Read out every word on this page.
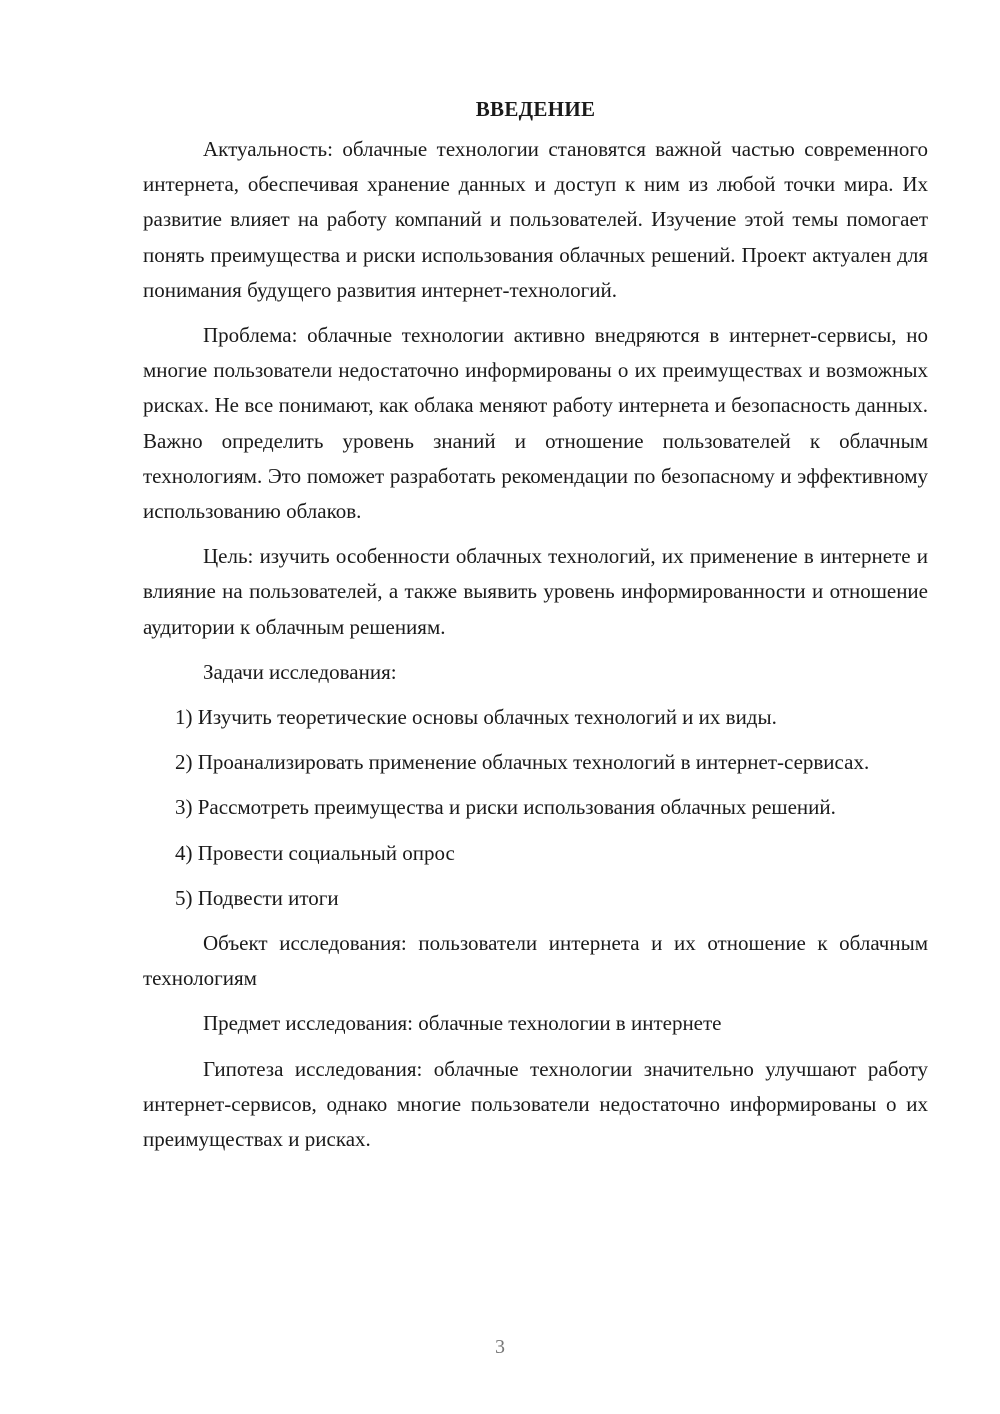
ВВЕДЕНИЕ

Актуальность: облачные технологии становятся важной частью современного интернета, обеспечивая хранение данных и доступ к ним из любой точки мира. Их развитие влияет на работу компаний и пользователей. Изучение этой темы помогает понять преимущества и риски использования облачных решений. Проект актуален для понимания будущего развития интернет-технологий.

Проблема: облачные технологии активно внедряются в интернет-сервисы, но многие пользователи недостаточно информированы о их преимуществах и возможных рисках. Не все понимают, как облака меняют работу интернета и безопасность данных. Важно определить уровень знаний и отношение пользователей к облачным технологиям. Это поможет разработать рекомендации по безопасному и эффективному использованию облаков.

Цель: изучить особенности облачных технологий, их применение в интернете и влияние на пользователей, а также выявить уровень информированности и отношение аудитории к облачным решениям.

Задачи исследования:

1) Изучить теоретические основы облачных технологий и их виды.

2) Проанализировать применение облачных технологий в интернет-сервисах.

3) Рассмотреть преимущества и риски использования облачных решений.

4) Провести социальный опрос

5) Подвести итоги

Объект исследования: пользователи интернета и их отношение к облачным технологиям

Предмет исследования: облачные технологии в интернете

Гипотеза исследования: облачные технологии значительно улучшают работу интернет-сервисов, однако многие пользователи недостаточно информированы о их преимуществах и рисках.

3
